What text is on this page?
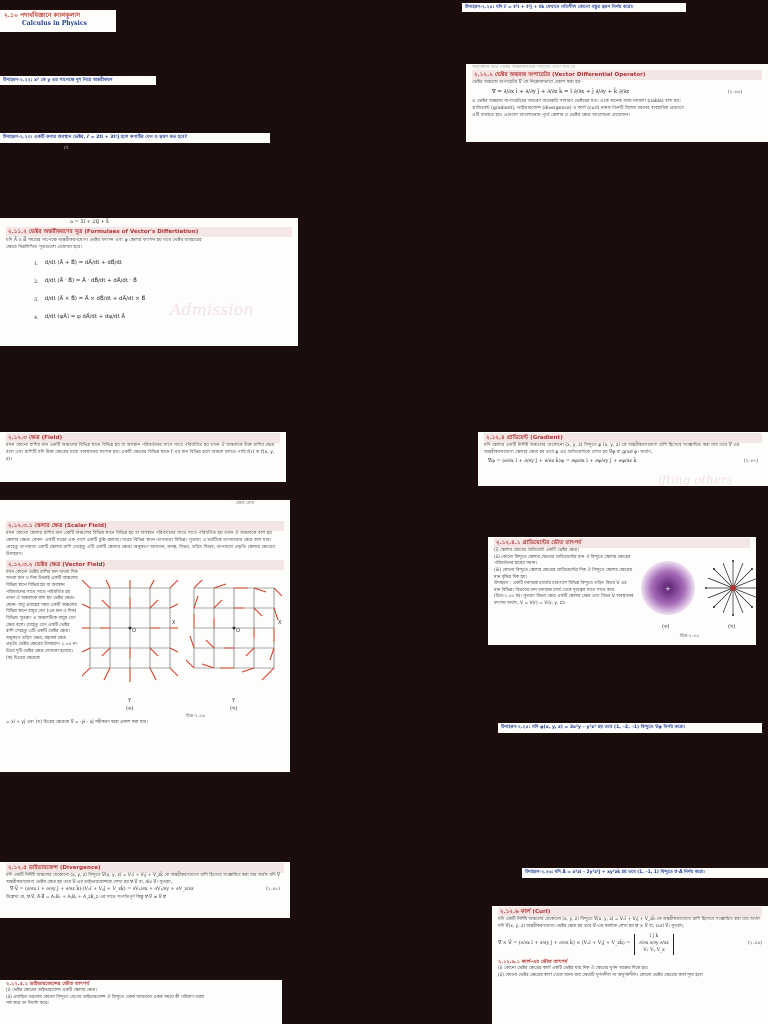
২.১০ পদার্থবিজ্ঞানে ক্যালকুলাস
Calculus in Physics
উদাহরণ-২.২৪: যদি r⃗ = t²î + t³ĵ + tk̂ যেখানে গতিশীল কোনো বস্তুর ত্বরণ নির্ণয় করো।
উদাহরণ-২.২২: x² কে y এর সাপেক্ষে দুশ নিয়ে অন্তরীকরণ
উদাহরণ-২.২৩: একটি কণার অবস্থান ভেক্টর, r⃗ = 2tî + 3t²ĵ হলে কণাটির বেগ ও ত্বরণ কত হবে?
rt
অনুসন্ধান করে ভেক্টর অন্তরকলনের সাহায্যে দেখা যায় যে
২.১২.২ ভেক্টর অন্তরজ অপারেটর (Vector Differential Operator)
ভেক্টর অন্তরজ অপারেটর ∇⃗ কে নিম্নোক্তভাবে প্রকাশ করা হয়-
∇⃗ = ∂/∂x î + ∂/∂y ĵ + ∂/∂z k̂ = î ∂/∂x + ĵ ∂/∂y + k̂ ∂/∂z	(২.৪৬)
এ ভেক্টর অন্তরজ অপারেটরের আচরণ অনেকটা সাধারণ ভেক্টরের মত। একে অনেক সময় ন্যাবলা (nabla) বলা হয়।
গ্রাডিয়েন্ট (gradient), ডাইভারজেন্স (divergence) ও কার্ল (curl) নামক তিনটি বিশেষ ধরনের ব্যবহারিক প্রয়োগে
এটি ব্যবহৃত হয়। এগুলো আলোচনার পূর্বে স্কেলার ও ভেক্টর ক্ষেত্র আলোচনা প্রয়োজন।
a = 5i⃗ + 2tj⃗ + k⃗
২.১১.২ ভেক্টর অন্তরীকরণের সূত্র (Formulaes of Vector's Differtiation)
যদি A⃗ ও B⃗ সময়ের সাপেক্ষে অন্তরীকরণযোগ্য ভেক্টর ফাংশন এবং φ স্কেলার ফাংশন হয় তবে ভেক্টর ব্যবহারের
ক্ষেত্রে নিম্নলিখিত সূত্রগুলো প্রযোজ্য হবে।
1. d/dt (A⃗ + B⃗) = dA⃗/dt + dB⃗/dt
2. d/dt (A⃗ · B⃗) = A⃗ · dB⃗/dt + dA⃗/dt · B⃗
3. d/dt (A⃗ × B⃗) = A⃗ × dB⃗/dt + dA⃗/dt × B⃗
4. d/dt (φA⃗) = φ dA⃗/dt + dφ/dt A⃗	Admission
২.১২.৩ ক্ষেত্র (Field)
যখন কোনো রাশির মান একটি অঞ্চলের বিভিন্ন স্থানে বিভিন্ন হয় বা অবস্থান পরিবর্তনের সাথে সাথে পরিবর্তিত হয় তখন ঐ অঞ্চলকে উক্ত রাশির ক্ষেত্র বলে এবং রাশিটি যদি উক্ত ক্ষেত্রের মধ্যে অবস্থানের ফাংশন হয়। একটি ক্ষেত্রের বিভিন্ন স্থানে f এর মান বিভিন্ন হলে আমরা বলতে পারি f(r) বা f(x, y, z)।
২.১২.৪ গ্রাডিয়েন্ট (Gradient)
যদি স্কেলার একটি নির্দিষ্ট অঞ্চলের যেকোনো (x, y, z) বিন্দুতে φ (x, y, z) কে অন্তরীকরণযোগ্য রাশি হিসেবে সংজ্ঞায়িত করা যায় তবে ∇⃗ এর অন্তরীকরণযোগ্য স্কেলার ক্ষেত্র হয় তবে φ এর গ্রাডিয়েন্টকে লেখা হয় ∇⃗φ বা grad φ। অর্থাৎ,
∇⃗φ = (∂/∂x î + ∂/∂y ĵ + ∂/∂z k̂)φ = ∂φ/∂x î + ∂φ/∂y ĵ + ∂φ/∂z k̂	(২.৪৭)
ifting others
ক্ষেত্র রেখা
২.১২.৩.১ স্কেলার ক্ষেত্র (Scalar Field)
যখন কোনো স্কেলার রাশির মান একটি অঞ্চলের বিভিন্ন স্থানে বিভিন্ন হয় বা অবস্থান পরিবর্তনের সাথে সাথে পরিবর্তিত হয় তখন ঐ অঞ্চলকে বলা হয় স্কেলার ক্ষেত্র। যেমন- একটি ঘরের এক পাশে একটি চুল্লি জ্বলছে। ঘরের বিভিন্ন স্থানে তাপমাত্রা বিভিন্ন। সুতরাং এ ঘরটিকে তাপমাত্রার ক্ষেত্র বলা যায়। যেহেতু তাপমাত্রা একটি স্কেলার রাশি সেহেতু এটি একটি স্কেলার ক্ষেত্র। অনুরূপে আয়তন, ঘনত্ব, বিভব, তড়িৎ বিভব, তাপমাত্রা প্রভৃতি স্কেলার ক্ষেত্রের উদাহরণ।
২.১২.৩.২ ভেক্টর ক্ষেত্র (Vector Field)
যখন কোনো ভেক্টর রাশির মান অথবা দিক অথবা মান ও দিক উভয়ই একটি অঞ্চলের বিভিন্ন স্থানে বিভিন্ন হয় বা অবস্থান পরিবর্তনের সাথে সাথে পরিবর্তিত হয় তখন ঐ অঞ্চলকে বলা হয় ভেক্টর ক্ষেত্র। যেমন- বায়ু প্রবাহের সময় একটি অঞ্চলের বিভিন্ন স্থানে বায়ুর বেগ (এর মান ও দিক) বিভিন্ন। সুতরাং এ অঞ্চলটিকে বায়ুর বেগ ক্ষেত্র বলে। যেহেতু বেগ একটি ভেক্টর রাশি সেহেতু এটি একটি ভেক্টর ক্ষেত্র। অনুরূপে তড়িৎ ক্ষেত্র, মহাকর্ষ ক্ষেত্র প্রভৃতি ভেক্টর ক্ষেত্রের উদাহরণ। ২.৫৪ নং চিত্রে দুটি ভেক্টর ক্ষেত্র দেখানো হয়েছে। (ক) চিত্রের ক্ষেত্রকে
O
X
Y
(ক)
O
X
Y
(খ)
চিত্র-২.৫৪
= xî + yĵ এবং (খ) চিত্রের ক্ষেত্রকে V⃗ = -yî - xĵ সমীকরণ দ্বারা প্রকাশ করা যায়।
২.১২.৪.১ গ্রাডিয়েন্টের ভৌত তাৎপর্য
(i) স্কেলার ক্ষেত্রের গ্রাডিয়েন্ট একটি ভেক্টর ক্ষেত্র।
(ii) কোনো বিন্দুতে স্কেলার ক্ষেত্রের গ্রাডিয়েন্টের মান ঐ বিন্দুতে স্কেলার ক্ষেত্রের পরিবর্তনের হারের সমান।
(iii) কোনো বিন্দুতে স্কেলার ক্ষেত্রের গ্রাডিয়েন্টের দিক ঐ বিন্দুতে স্কেলার ক্ষেত্রের মান বৃদ্ধির দিক হয়।
উদাহরণ : একটি ধনাত্মক চার্জের চারপাশে বিভিন্ন বিন্দুতে তড়িৎ বিভব V এর মান বিভিন্ন। বিভবের মান ধনাত্মক চার্জ থেকে দূরত্বের সাথে সাথে কমে (চিত্র-২.৫৫ ক)। সুতরাং বিভব ক্ষেত্র একটি স্কেলার ক্ষেত্র এবং বিভব V অবস্থানের ফাংশন অর্থাৎ, V = V(r) = V(x, y, z)।
+
(ক)	(খ)
চিত্র-২.৫৫
উদাহরণ-২.২৫: যদি φ(x, y, z) = 3x²y – y³z² হয় তবে (1, –2, –1) বিন্দুতে ∇⃗φ নির্ণয় করো।
২.১২.৫ ডাইভারজেন্স (Divergence)
যদি একটি নির্দিষ্ট অঞ্চলের যেকোনো (x, y, z) বিন্দুতে V⃗(x, y, z) = Vₓî + Vᵧĵ + V_zk̂ কে অন্তরীকরণযোগ্য রাশি হিসেবে সংজ্ঞায়িত করা যায় অর্থাৎ যদি V⃗ অন্তরীকরণযোগ্য ভেক্টর ক্ষেত্র হয় তবে V⃗-এর ডাইভারজেন্সকে লেখা হয় ∇⃗·V⃗ বা, div V⃗। সুতরাং,
∇⃗·V⃗ = (∂/∂x î + ∂/∂y ĵ + ∂/∂z k̂)·(Vₓî + Vᵧĵ + V_zk̂) = ∂Vₓ/∂x + ∂Vᵧ/∂y + ∂V_z/∂z	(২.৪৮)
উল্লেখ্য যে, ∇⃗·V⃗, A⃗·B⃗ = AₓBₓ + AᵧBᵧ + A_zB_z এর সাথে সংগতিপূর্ণ কিন্তু ∇⃗·V⃗ ≠ V⃗·∇⃗
উদাহরণ-২.২৬: যদি A⃗ = x²zî – 2y³z²ĵ + xy²zk̂ হয় তবে (1, –1, 1) বিন্দুতে ∇⃗·A⃗ নির্ণয় করো।
২.১২.৬ কার্ল (Curl)
যদি একটি নির্দিষ্ট অঞ্চলের যেকোনো (x, y, z) বিন্দুতে V⃗(x, y, z) = Vₓî + Vᵧĵ + V_zk̂-কে অন্তরীকরণযোগ্য রাশি হিসেবে সংজ্ঞায়িত করা যায় অর্থাৎ যদি V⃗(x, y, z) অন্তরীকরণযোগ্য ভেক্টর ক্ষেত্র হয় তবে V⃗-এর কার্লকে লেখা হয় ∇⃗ × V⃗ বা, curl V⃗। সুতরাং,
∇⃗ × V⃗ = (∂/∂x î + ∂/∂y ĵ + ∂/∂z k̂) × (Vₓî + Vᵧĵ + V_zk̂) =
î ĵ k̂
∂/∂x ∂/∂y ∂/∂z
Vₓ Vᵧ V_z
(২.৪৯)
২.১২.৬.১ কার্ল-এর ভৌত তাৎপর্য
(i) কোনো ভেক্টর ক্ষেত্রের কার্ল একটি ভেক্টর যার দিক ঐ ক্ষেত্রের ঘূর্ণন অক্ষের দিকে হয়।
(ii) কোনো ভেক্টর ক্ষেত্রের কার্ল থেকে জানা যায় ক্ষেত্রটি ঘূর্ণনশীল না অঘূর্ণনশীল। কোনো ভেক্টর ক্ষেত্রের কার্ল শূন্য হলে
২.১২.৫.১ ডাইভারজেন্সের ভৌত তাৎপর্য
(i) ভেক্টর ক্ষেত্রের ডাইভারজেন্স একটি স্কেলার ক্ষেত্র।
(ii) প্রবাহিত তরলের কোনো বিন্দুতে বেগের ডাইভারজেন্স ঐ বিন্দুতে একক আয়তনে একক সময়ে কী পরিমাণ তরল
সঙ্গ করে তা নির্দেশ করে।
